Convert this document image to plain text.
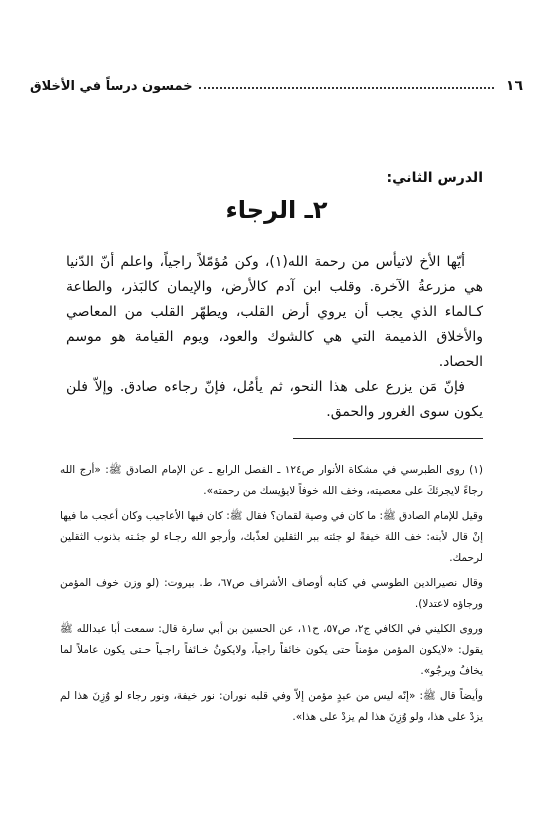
١٦
خمسون درساً في الأخلاق
الدرس الثاني:
٢ـ الرجاء

أيّها الأخ لاتيأس من رحمة الله(١)، وكن مُؤمّلاً راجياً، واعلم أنّ الدّنيا هي مزرعةُ الآخرة. وقلب ابن آدم كالأرض، والإيمان كالبَذر، والطاعة كـالماء الذي يجب أن يروي أرض القلب، ويطهّر القلب من المعاصي والأخلاق الذميمة التي هي كالشوك والعود، ويوم القيامة هو موسم الحصاد.

فإنّ مَن يزرع على هذا النحو، ثم يأمُل، فإنّ رجاءه صادق. وإلاّ فلن يكون سوى الغرور والحمق.

(١) روى الطبرسي في مشكاة الأنوار ص١٢٤ ـ الفصل الرابع ـ عن الإمام الصادق ﷺ: «أرج الله رجاءً لايجرئكَ على معصيته، وخف الله خوفاً لايؤيسك من رحمته».

وقيل للإمام الصادق ﷺ: ما كان في وصية لقمان؟ فقال ﷺ: كان فيها الأعاجيب وكان أعجب ما فيها إنْ قال لأبنه: خف اللهَ خيفةً لو جئته ببر الثقلين لعذّبك، وأرجو الله رجـاء لو جئـته بذنوب الثقلين لرحمك.

وقال نصيرالدين الطوسي في كتابه أوصاف الأشراف ص٦٧، ط. بيروت: (لو وزن خوف المؤمن ورجاؤه لاعتدلا).

وروى الكليني في الكافي ج٢، ص٥٧، ح١١، عن الحسين بن أبي سارة قال: سمعت أبا عبدالله ﷺ يقول: «لايكون المؤمن مؤمناً حتى يكون خائفاً راجياً، ولايكونُ خـائفاً راجـياً حـتى يكون عاملاً لما يخافُ ويرجُو».

وأيضاً قال ﷺ: «إنّه ليس من عبدٍ مؤمن إلاّ وفي قلبه نوران: نور خيفة، ونور رجاء لو وُزِنَ هذا لم يزدْ على هذا، ولو وُزِنَ هذا لم يزدْ على هذا».
